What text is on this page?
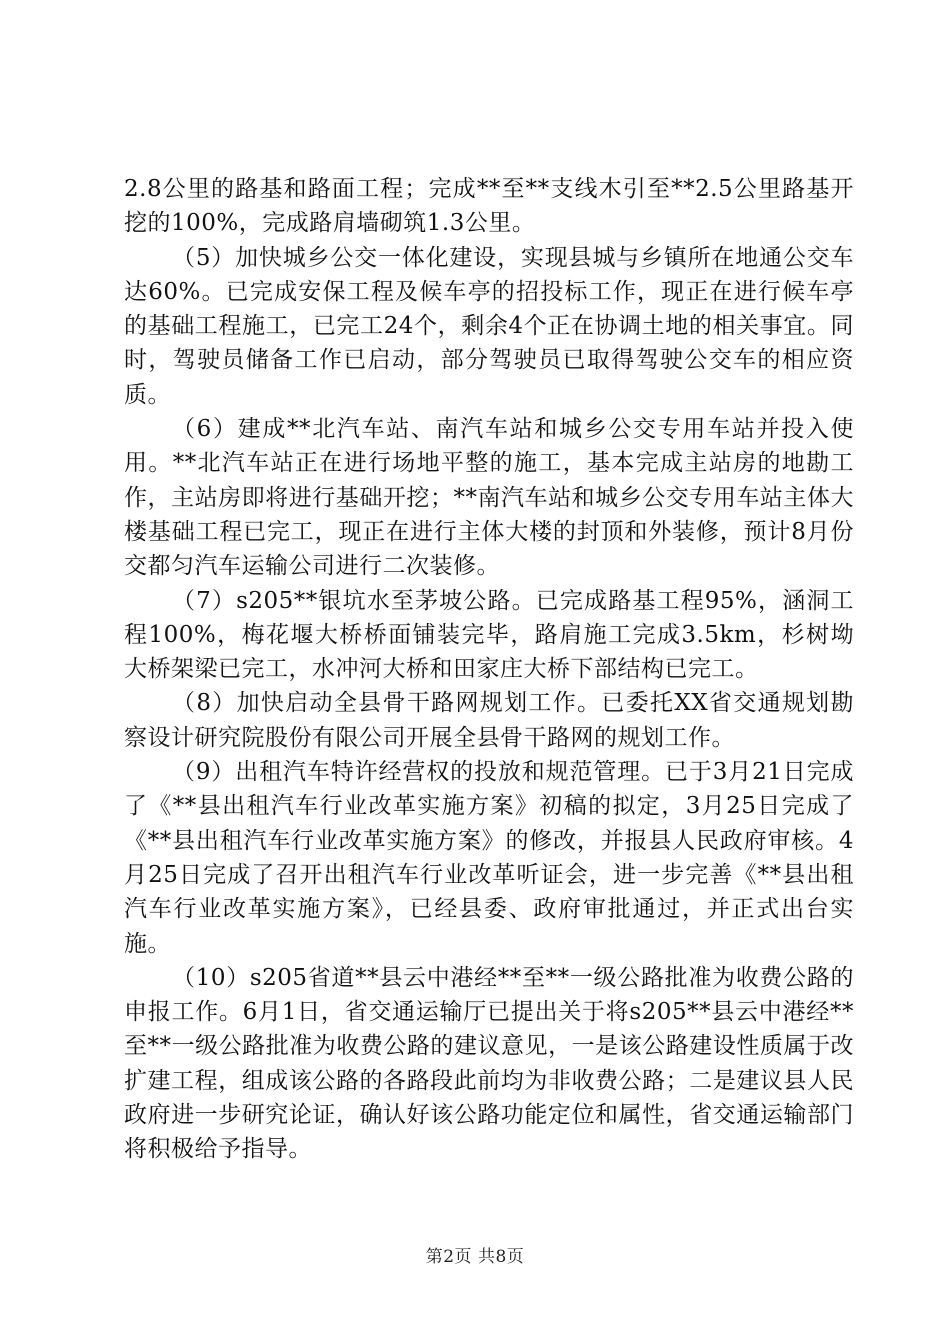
2.8公里的路基和路面工程；完成**至**支线木引至**2.5公里路基开挖的100%，完成路肩墙砌筑1.3公里。

（5）加快城乡公交一体化建设，实现县城与乡镇所在地通公交车达60%。已完成安保工程及候车亭的招投标工作，现正在进行候车亭的基础工程施工，已完工24个，剩余4个正在协调土地的相关事宜。同时，驾驶员储备工作已启动，部分驾驶员已取得驾驶公交车的相应资质。

（6）建成**北汽车站、南汽车站和城乡公交专用车站并投入使用。**北汽车站正在进行场地平整的施工，基本完成主站房的地勘工作，主站房即将进行基础开挖；**南汽车站和城乡公交专用车站主体大楼基础工程已完工，现正在进行主体大楼的封顶和外装修，预计8月份交都匀汽车运输公司进行二次装修。

（7）s205**银坑水至茅坡公路。已完成路基工程95%，涵洞工程100%，梅花堰大桥桥面铺装完毕，路肩施工完成3.5km，杉树坳大桥架梁已完工，水冲河大桥和田家庄大桥下部结构已完工。

（8）加快启动全县骨干路网规划工作。已委托XX省交通规划勘察设计研究院股份有限公司开展全县骨干路网的规划工作。

（9）出租汽车特许经营权的投放和规范管理。已于3月21日完成了《**县出租汽车行业改革实施方案》初稿的拟定，3月25日完成了《**县出租汽车行业改革实施方案》的修改，并报县人民政府审核。4月25日完成了召开出租汽车行业改革听证会，进一步完善《**县出租汽车行业改革实施方案》，已经县委、政府审批通过，并正式出台实施。

（10）s205省道**县云中港经**至**一级公路批准为收费公路的申报工作。6月1日，省交通运输厅已提出关于将s205**县云中港经**至**一级公路批准为收费公路的建议意见，一是该公路建设性质属于改扩建工程，组成该公路的各路段此前均为非收费公路；二是建议县人民政府进一步研究论证，确认好该公路功能定位和属性，省交通运输部门将积极给予指导。

第2页 共8页
